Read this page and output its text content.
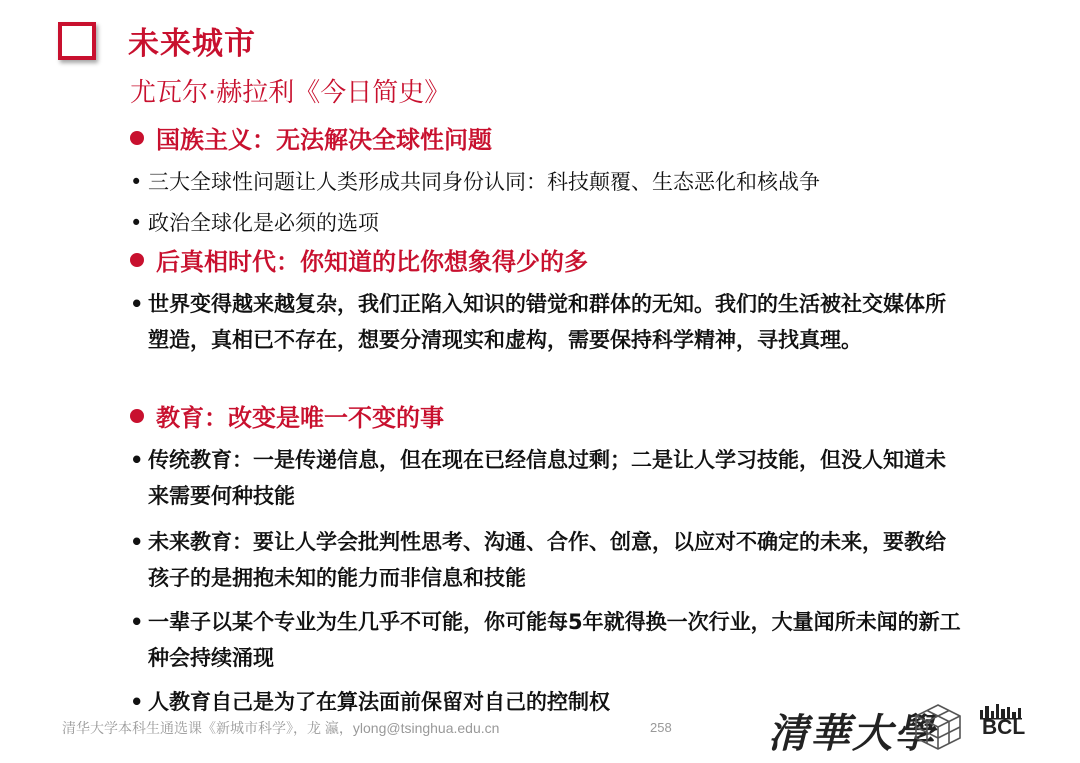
未来城市
尤瓦尔·赫拉利《今日简史》
国族主义：无法解决全球性问题
• 三大全球性问题让人类形成共同身份认同：科技颠覆、生态恶化和核战争
• 政治全球化是必须的选项
后真相时代：你知道的比你想象得少的多
• 世界变得越来越复杂，我们正陷入知识的错觉和群体的无知。我们的生活被社交媒体所塑造，真相已不存在，想要分清现实和虚构，需要保持科学精神，寻找真理。
教育：改变是唯一不变的事
• 传统教育：一是传递信息，但在现在已经信息过剩；二是让人学习技能，但没人知道未来需要何种技能
• 未来教育：要让人学会批判性思考、沟通、合作、创意，以应对不确定的未来，要教给孩子的是拥抱未知的能力而非信息和技能
• 一辈子以某个专业为生几乎不可能，你可能每5年就得换一次行业，大量闻所未闻的新工种会持续涌现
• 人教育自己是为了在算法面前保留对自己的控制权
清华大学本科生通选课《新城市科学》，龙 瀛，ylong@tsinghua.edu.cn	258 清華大學 BCL
